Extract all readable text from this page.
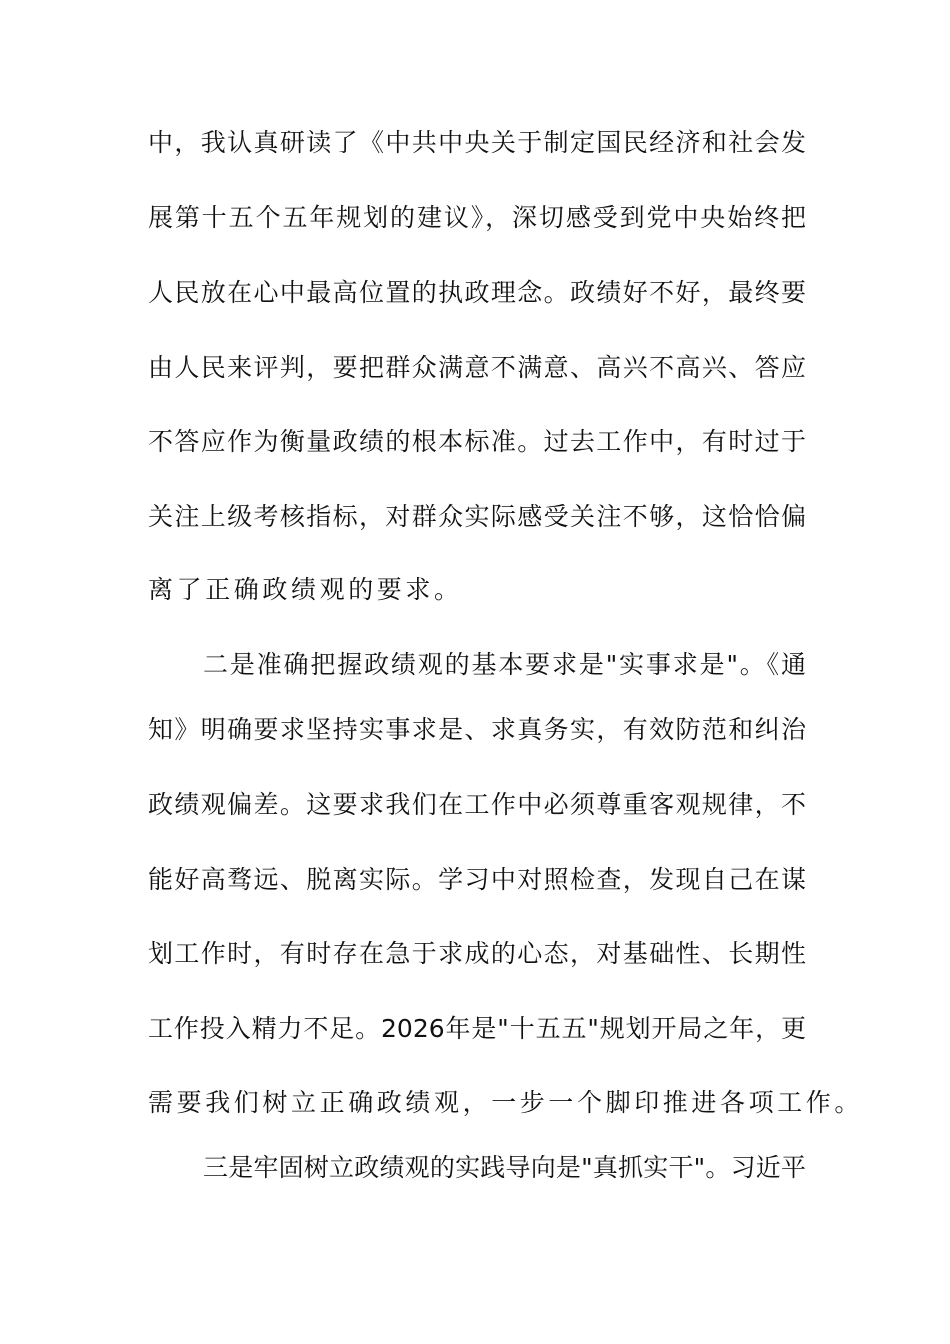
中，我认真研读了《中共中央关于制定国民经济和社会发
展第十五个五年规划的建议》，深切感受到党中央始终把
人民放在心中最高位置的执政理念。政绩好不好，最终要
由人民来评判，要把群众满意不满意、高兴不高兴、答应
不答应作为衡量政绩的根本标准。过去工作中，有时过于
关注上级考核指标，对群众实际感受关注不够，这恰恰偏
离了正确政绩观的要求。
二是准确把握政绩观的基本要求是"实事求是"。《通
知》明确要求坚持实事求是、求真务实，有效防范和纠治
政绩观偏差。这要求我们在工作中必须尊重客观规律，不
能好高骛远、脱离实际。学习中对照检查，发现自己在谋
划工作时，有时存在急于求成的心态，对基础性、长期性
工作投入精力不足。2026年是"十五五"规划开局之年，更
需要我们树立正确政绩观，一步一个脚印推进各项工作。
三是牢固树立政绩观的实践导向是"真抓实干"。习近平
